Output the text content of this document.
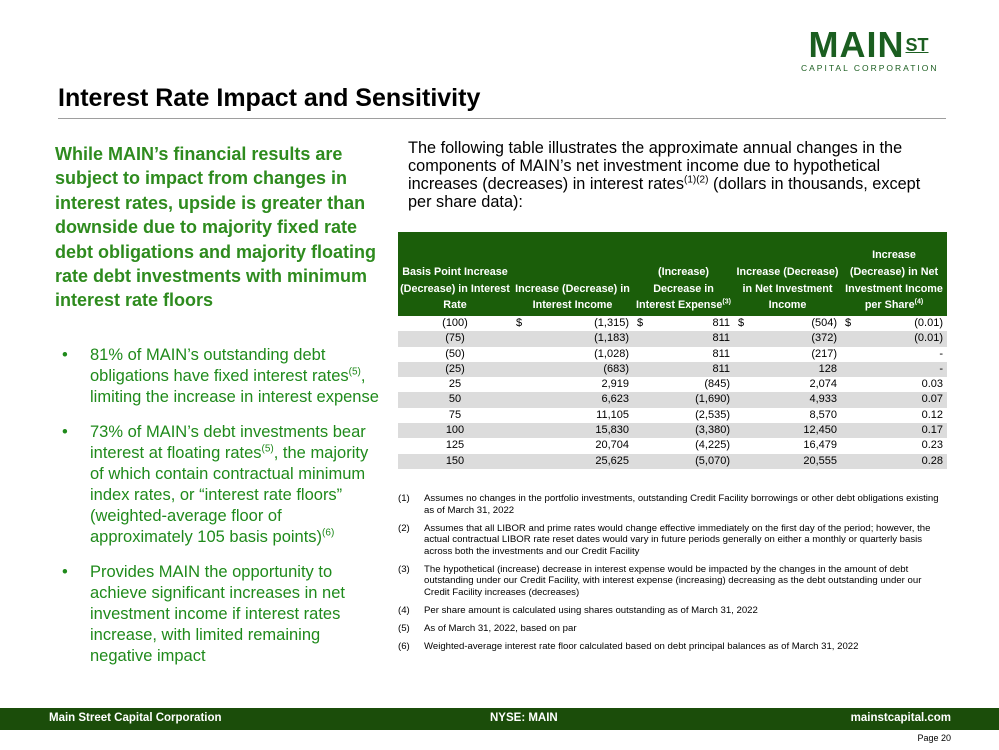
$MAIN^{ST}$
CAPITAL CORPORATION
Interest Rate Impact and Sensitivity
While MAIN’s financial results are subject to impact from changes in interest rates, upside is greater than downside due to majority fixed rate debt obligations and majority floating rate debt investments with minimum interest rate floors
• 81% of MAIN’s outstanding debt obligations have fixed interest rates$^{(5)}$, limiting the increase in interest expense
• 73% of MAIN’s debt investments bear interest at floating rates$^{(5)}$, the majority of which contain contractual minimum index rates, or “interest rate floors” (weighted-average floor of approximately 105 basis points)$^{(6)}$
• Provides MAIN the opportunity to achieve significant increases in net investment income if interest rates increase, with limited remaining negative impact
The following table illustrates the approximate annual changes in the components of MAIN’s net investment income due to hypothetical increases (decreases) in interest rates$^{(1)(2)}$ (dollars in thousands, except per share data):
Basis Point Increase (Decrease) in Interest Rate	Increase (Decrease) in Interest Income	(Increase) Decrease in Interest Expense$^{(3)}$	Increase (Decrease) in Net Investment Income	Increase (Decrease) in Net Investment Income per Share$^{(4)}$
(100)	$ (1,315)	$ 811	$ (504)	$ (0.01)
(75)	(1,183)	811	(372)	(0.01)
(50)	(1,028)	811	(217)	-
(25)	(683)	811	128	-
25	2,919	(845)	2,074	0.03
50	6,623	(1,690)	4,933	0.07
75	11,105	(2,535)	8,570	0.12
100	15,830	(3,380)	12,450	0.17
125	20,704	(4,225)	16,479	0.23
150	25,625	(5,070)	20,555	0.28
(1) Assumes no changes in the portfolio investments, outstanding Credit Facility borrowings or other debt obligations existing as of March 31, 2022
(2) Assumes that all LIBOR and prime rates would change effective immediately on the first day of the period; however, the actual contractual LIBOR rate reset dates would vary in future periods generally on either a monthly or quarterly basis across both the investments and our Credit Facility
(3) The hypothetical (increase) decrease in interest expense would be impacted by the changes in the amount of debt outstanding under our Credit Facility, with interest expense (increasing) decreasing as the debt outstanding under our Credit Facility increases (decreases)
(4) Per share amount is calculated using shares outstanding as of March 31, 2022
(5) As of March 31, 2022, based on par
(6) Weighted-average interest rate floor calculated based on debt principal balances as of March 31, 2022
Main Street Capital Corporation	NYSE: MAIN	mainstcapital.com
Page 20
